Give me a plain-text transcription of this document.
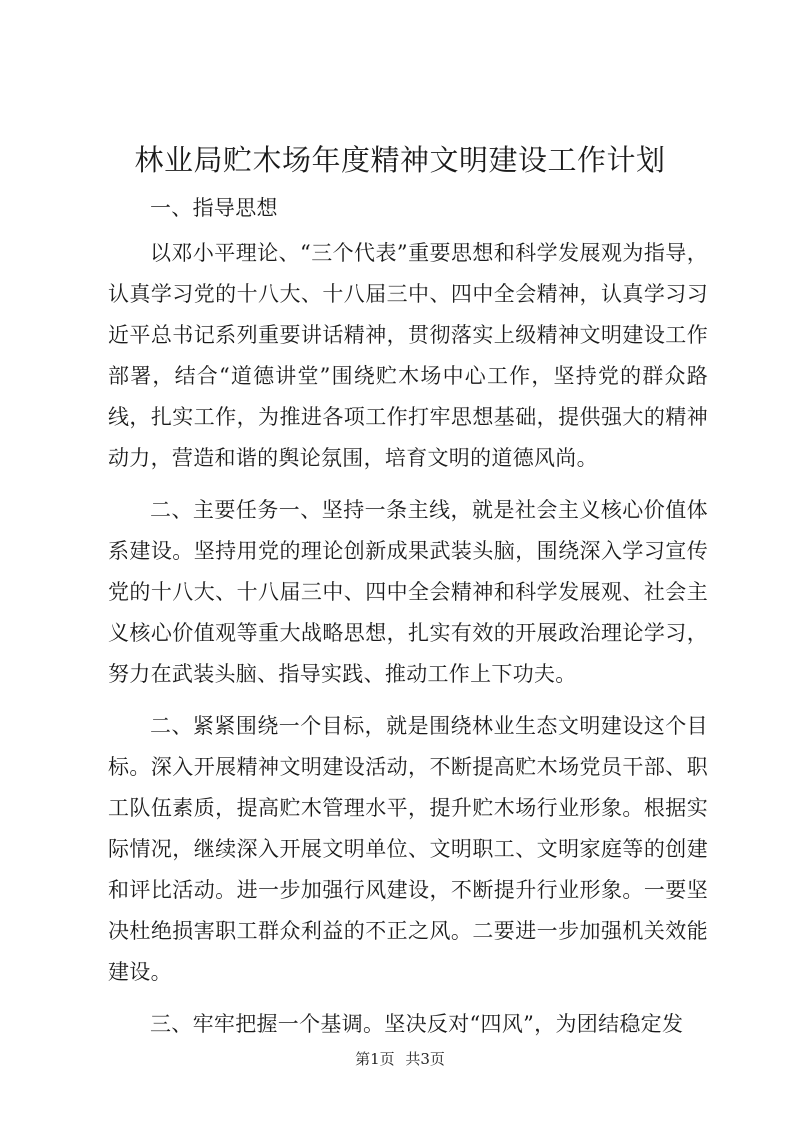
林业局贮木场年度精神文明建设工作计划

一、指导思想

以邓小平理论、“三个代表”重要思想和科学发展观为指导，认真学习党的十八大、十八届三中、四中全会精神，认真学习习近平总书记系列重要讲话精神，贯彻落实上级精神文明建设工作部署，结合“道德讲堂”围绕贮木场中心工作，坚持党的群众路线，扎实工作，为推进各项工作打牢思想基础，提供强大的精神动力，营造和谐的舆论氛围，培育文明的道德风尚。

二、主要任务一、坚持一条主线，就是社会主义核心价值体系建设。坚持用党的理论创新成果武装头脑，围绕深入学习宣传党的十八大、十八届三中、四中全会精神和科学发展观、社会主义核心价值观等重大战略思想，扎实有效的开展政治理论学习，努力在武装头脑、指导实践、推动工作上下功夫。

二、紧紧围绕一个目标，就是围绕林业生态文明建设这个目标。深入开展精神文明建设活动，不断提高贮木场党员干部、职工队伍素质，提高贮木管理水平，提升贮木场行业形象。根据实际情况，继续深入开展文明单位、文明职工、文明家庭等的创建和评比活动。进一步加强行风建设，不断提升行业形象。一要坚决杜绝损害职工群众利益的不正之风。二要进一步加强机关效能建设。

三、牢牢把握一个基调。坚决反对“四风”，为团结稳定发

第1页 共3页
